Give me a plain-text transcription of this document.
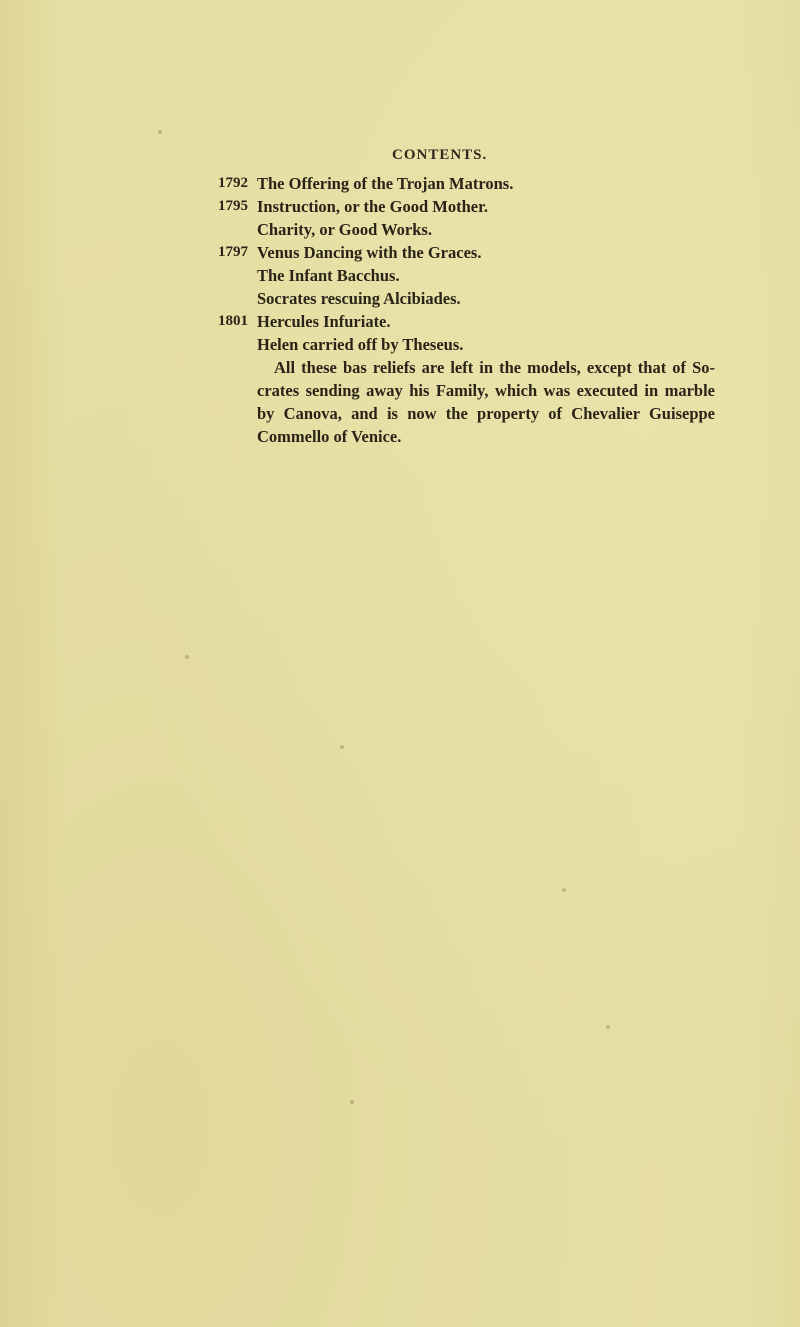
CONTENTS.
1792 The Offering of the Trojan Matrons.
1795 Instruction, or the Good Mother.
Charity, or Good Works.
1797 Venus Dancing with the Graces.
The Infant Bacchus.
Socrates rescuing Alcibiades.
1801 Hercules Infuriate.
Helen carried off by Theseus.
All these bas reliefs are left in the models, except that of So- crates sending away his Family, which was executed in marble by Canova, and is now the property of Chevalier Guiseppe Commello of Venice.
